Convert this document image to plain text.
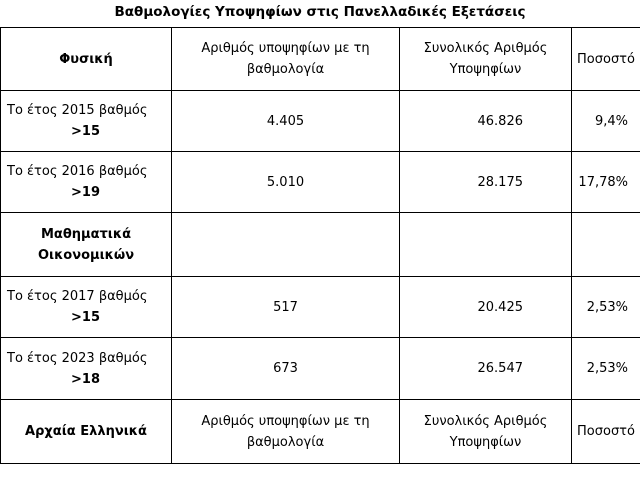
Βαθμολογίες Υποψηφίων στις Πανελλαδικές Εξετάσεις
Φυσική	Αριθμός υποψηφίων με τη βαθμολογία	Συνολικός Αριθμός Υποψηφίων	Ποσοστό
Το έτος 2015 βαθμός
>15	4.405	46.826	9,4%
Το έτος 2016 βαθμός
>19	5.010	28.175	17,78%
Μαθηματικά Οικονομικών			
Το έτος 2017 βαθμός
>15	517	20.425	2,53%
Το έτος 2023 βαθμός
>18	673	26.547	2,53%
Αρχαία Ελληνικά	Αριθμός υποψηφίων με τη βαθμολογία	Συνολικός Αριθμός Υποψηφίων	Ποσοστό
